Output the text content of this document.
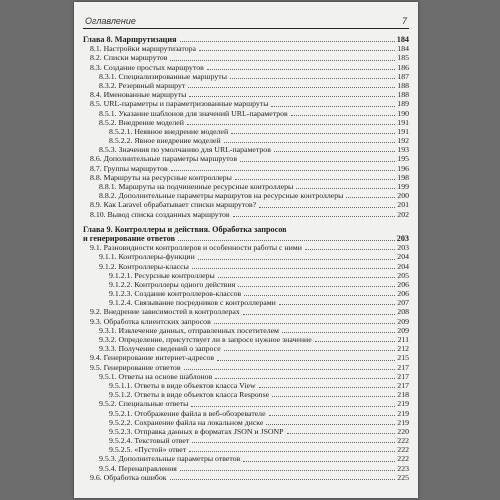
Оглавление	7
Глава 8. Маршрутизация	184
8.1. Настройки маршрутизатора	184
8.2. Списки маршрутов	185
8.3. Создание простых маршрутов	186
8.3.1. Специализированные маршруты	187
8.3.2. Резервный маршрут	188
8.4. Именованные маршруты	188
8.5. URL-параметры и параметризованные маршруты	189
8.5.1. Указание шаблонов для значений URL-параметров	190
8.5.2. Внедрение моделей	191
8.5.2.1. Неявное внедрение моделей	191
8.5.2.2. Явное внедрение моделей	192
8.5.3. Значения по умолчанию для URL-параметров	193
8.6. Дополнительные параметры маршрутов	195
8.7. Группы маршрутов	196
8.8. Маршруты на ресурсные контроллеры	198
8.8.1. Маршруты на подчиненные ресурсные контроллеры	199
8.8.2. Дополнительные параметры маршрутов на ресурсные контроллеры	200
8.9. Как Laravel обрабатывает списки маршрутов?	201
8.10. Вывод списка созданных маршрутов	202
Глава 9. Контроллеры и действия. Обработка запросов
и генерирование ответов	203
9.1. Разновидности контроллеров и особенности работы с ними	203
9.1.1. Контроллеры-функции	204
9.1.2. Контроллеры-классы	204
9.1.2.1. Ресурсные контроллеры	205
9.1.2.2. Контроллеры одного действия	206
9.1.2.3. Создание контроллеров-классов	206
9.1.2.4. Связывание посредников с контроллерами	207
9.2. Внедрение зависимостей в контроллерах	208
9.3. Обработка клиентских запросов	209
9.3.1. Извлечение данных, отправленных посетителем	209
9.3.2. Определение, присутствует ли в запросе нужное значение	211
9.3.3. Получение сведений о запросе	212
9.4. Генерирование интернет-адресов	215
9.5. Генерирование ответов	217
9.5.1. Ответы на основе шаблонов	217
9.5.1.1. Ответы в виде объектов класса View	217
9.5.1.2. Ответы в виде объектов класса Response	218
9.5.2. Специальные ответы	219
9.5.2.1. Отображение файла в веб-обозревателе	219
9.5.2.2. Сохранение файла на локальном диске	219
9.5.2.3. Отправка данных в форматах JSON и JSONP	220
9.5.2.4. Текстовый ответ	222
9.5.2.5. «Пустой» ответ	222
9.5.3. Дополнительные параметры ответов	222
9.5.4. Перенаправления	223
9.6. Обработка ошибок	225
